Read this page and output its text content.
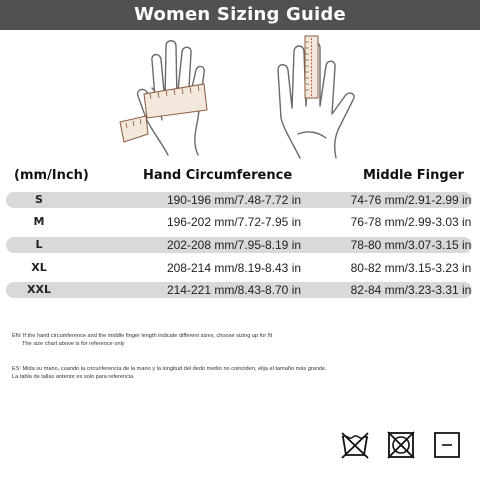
Women Sizing Guide
(mm/Inch)	Hand Circumference	Middle Finger
S	190-196 mm/7.48-7.72 in	74-76 mm/2.91-2.99 in
M	196-202 mm/7.72-7.95 in	76-78 mm/2.99-3.03 in
L	202-208 mm/7.95-8.19 in	78-80 mm/3.07-3.15 in
XL	208-214 mm/8.19-8.43 in	80-82 mm/3.15-3.23 in
XXL	214-221 mm/8.43-8.70 in	82-84 mm/3.23-3.31 in
EN: If the hand circumference and the middle finger length indicate different sizes, choose sizing up for fit
The size chart above is for reference only
ES: Mida su mano, cuando la circunferencia de la mano y la longitud del dedo medio no coinciden, elija el tamaño más grande.
La tabla de tallas anterior es solo para referencia
